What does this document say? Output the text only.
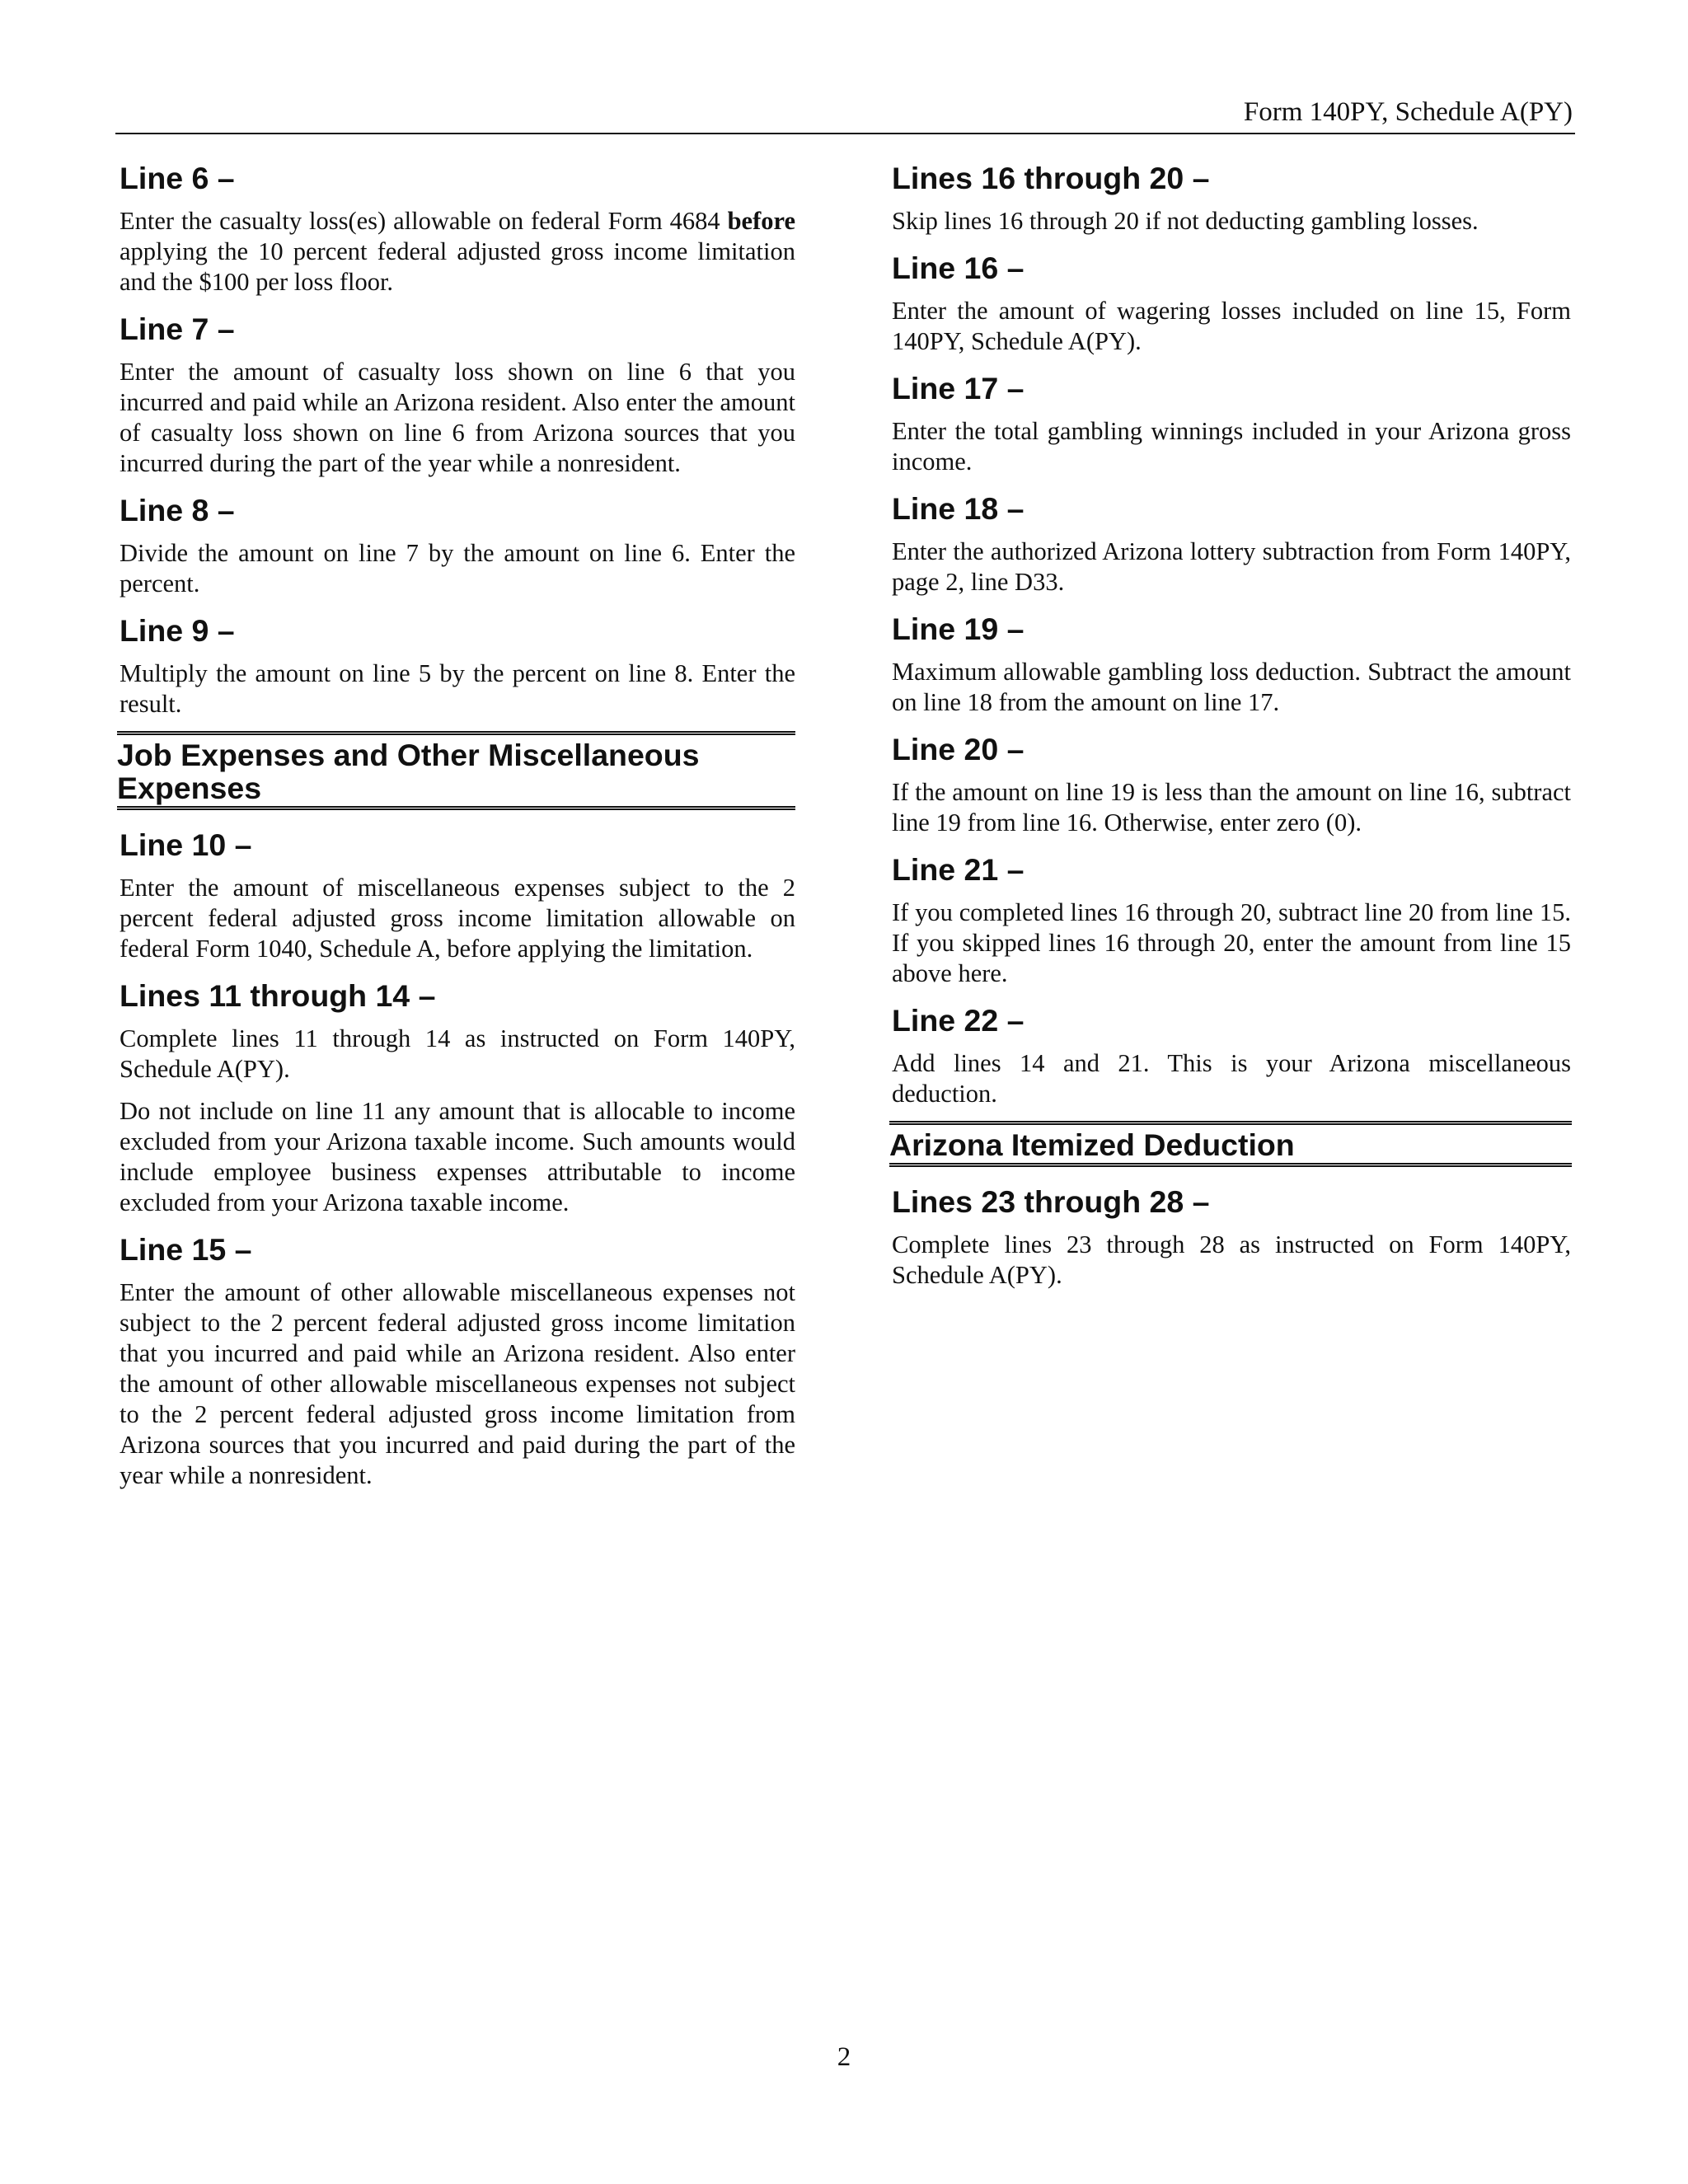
Form 140PY, Schedule A(PY)
Line 6 –

Enter the casualty loss(es) allowable on federal Form 4684 before applying the 10 percent federal adjusted gross income limitation and the $100 per loss floor.

Line 7 –

Enter the amount of casualty loss shown on line 6 that you incurred and paid while an Arizona resident. Also enter the amount of casualty loss shown on line 6 from Arizona sources that you incurred during the part of the year while a nonresident.

Line 8 –

Divide the amount on line 7 by the amount on line 6. Enter the percent.

Line 9 –

Multiply the amount on line 5 by the percent on line 8. Enter the result.

Job Expenses and Other Miscellaneous Expenses
Line 10 –

Enter the amount of miscellaneous expenses subject to the 2 percent federal adjusted gross income limitation allowable on federal Form 1040, Schedule A, before applying the limitation.

Lines 11 through 14 –

Complete lines 11 through 14 as instructed on Form 140PY, Schedule A(PY).

Do not include on line 11 any amount that is allocable to income excluded from your Arizona taxable income. Such amounts would include employee business expenses attributable to income excluded from your Arizona taxable income.

Line 15 –

Enter the amount of other allowable miscellaneous expenses not subject to the 2 percent federal adjusted gross income limitation that you incurred and paid while an Arizona resident. Also enter the amount of other allowable miscellaneous expenses not subject to the 2 percent federal adjusted gross income limitation from Arizona sources that you incurred and paid during the part of the year while a nonresident.

Lines 16 through 20 –

Skip lines 16 through 20 if not deducting gambling losses.

Line 16 –

Enter the amount of wagering losses included on line 15, Form 140PY, Schedule A(PY).

Line 17 –

Enter the total gambling winnings included in your Arizona gross income.

Line 18 –

Enter the authorized Arizona lottery subtraction from Form 140PY, page 2, line D33.

Line 19 –

Maximum allowable gambling loss deduction. Subtract the amount on line 18 from the amount on line 17.

Line 20 –

If the amount on line 19 is less than the amount on line 16, subtract line 19 from line 16. Otherwise, enter zero (0).

Line 21 –

If you completed lines 16 through 20, subtract line 20 from line 15. If you skipped lines 16 through 20, enter the amount from line 15 above here.

Line 22 –

Add lines 14 and 21. This is your Arizona miscellaneous deduction.

Arizona Itemized Deduction
Lines 23 through 28 –

Complete lines 23 through 28 as instructed on Form 140PY, Schedule A(PY).

2
